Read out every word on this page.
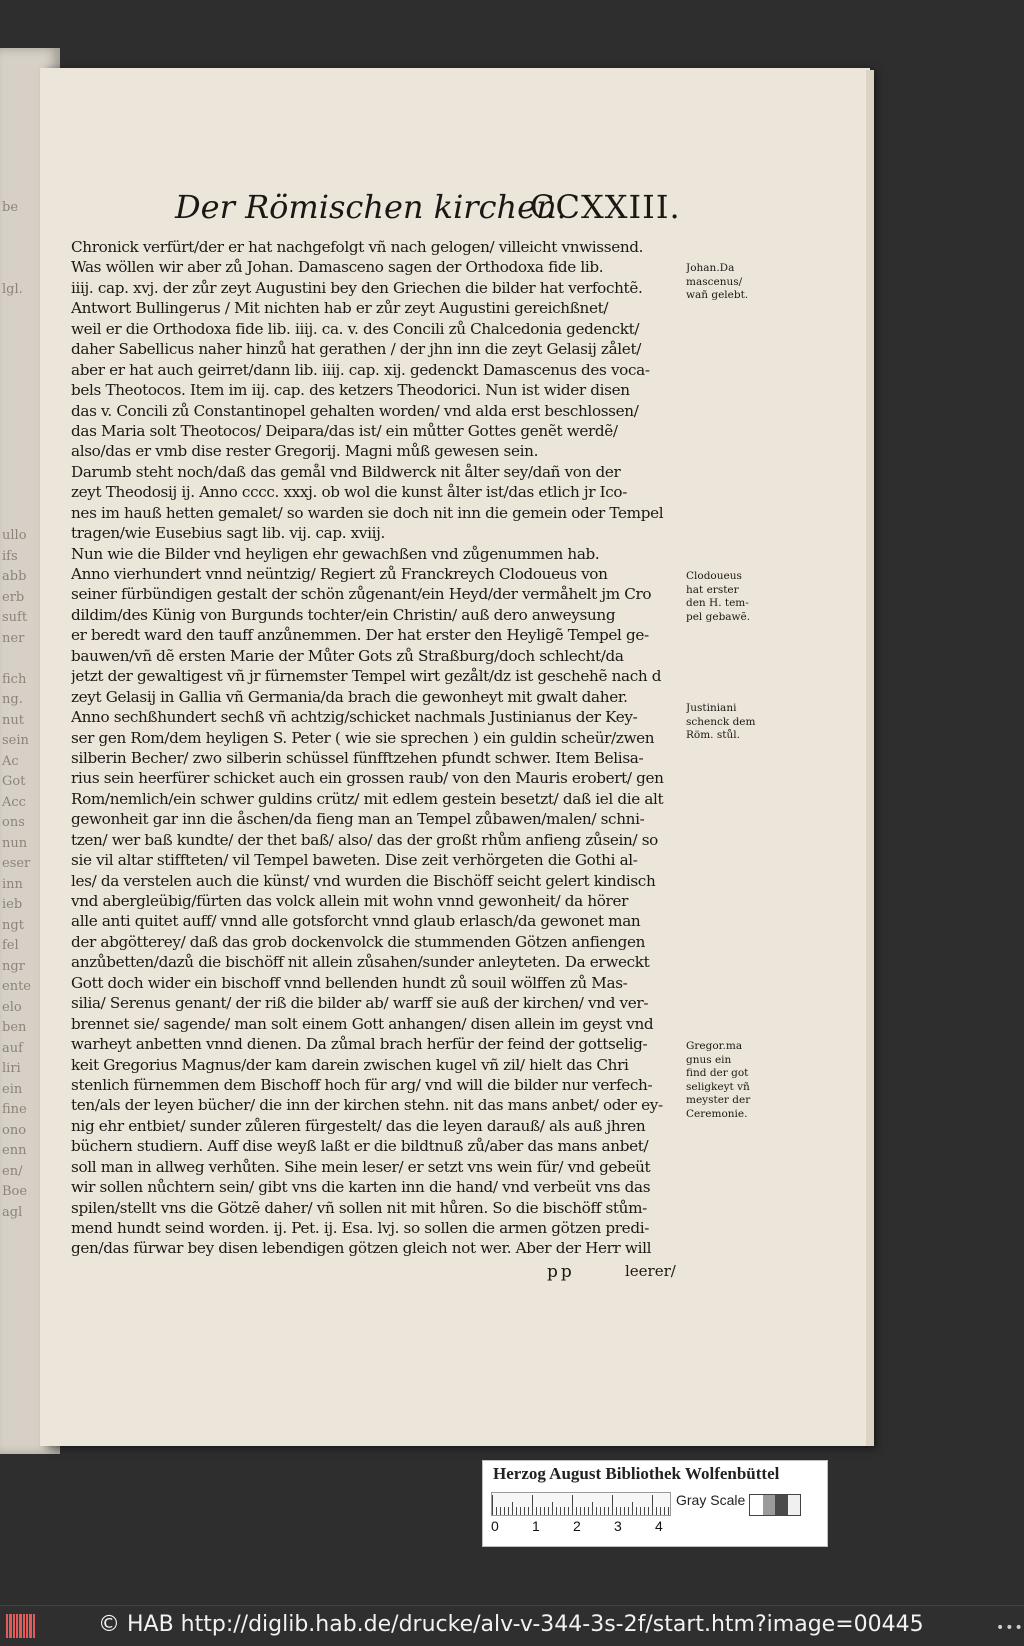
be
lgl.
ullo
ifs
abb
erb
suft
ner
fich
ng.
nut
sein
Ac
Got
Acc
ons
nun
eser
inn
ieb
ngt
fel
ngr
ente
elo
ben
auf
liri
ein
fine
ono
enn
en/
Boe
agl
Der Römischen kirchen.
CCXXIII.
Chronick verfürt/der er hat nachgefolgt vñ nach gelogen/ villeicht vnwissend.
Was wöllen wir aber zů Johan. Damasceno sagen der Orthodoxa fide lib.
iiij. cap. xvj. der zůr zeyt Augustini bey den Griechen die bilder hat verfochtẽ.
Antwort Bullingerus / Mit nichten hab er zůr zeyt Augustini gereichßnet/
weil er die Orthodoxa fide lib. iiij. ca. v. des Concili zů Chalcedonia gedenckt/
daher Sabellicus naher hinzů hat gerathen / der jhn inn die zeyt Gelasij zålet/
aber er hat auch geirret/dann lib. iiij. cap. xij. gedenckt Damascenus des voca-
bels Theotocos. Item im iij. cap. des ketzers Theodorici. Nun ist wider disen
das v. Concili zů Constantinopel gehalten worden/ vnd alda erst beschlossen/
das Maria solt Theotocos/ Deipara/das ist/ ein můtter Gottes genẽt werdẽ/
also/das er vmb dise rester Gregorij. Magni můß gewesen sein.
Darumb steht noch/daß das gemål vnd Bildwerck nit ålter sey/dañ von der
zeyt Theodosij ij. Anno cccc. xxxj. ob wol die kunst ålter ist/das etlich jr Ico-
nes im hauß hetten gemalet/ so warden sie doch nit inn die gemein oder Tempel
tragen/wie Eusebius sagt lib. vij. cap. xviij.
Nun wie die Bilder vnd heyligen ehr gewachßen vnd zůgenummen hab.
Anno vierhundert vnnd neüntzig/ Regiert zů Franckreych Clodoueus von
seiner fürbündigen gestalt der schön zůgenant/ein Heyd/der vermåhelt jm Cro
dildim/des Künig von Burgunds tochter/ein Christin/ auß dero anweysung
er beredt ward den tauff anzůnemmen. Der hat erster den Heyligẽ Tempel ge-
bauwen/vñ dẽ ersten Marie der Můter Gots zů Straßburg/doch schlecht/da
jetzt der gewaltigest vñ jr fürnemster Tempel wirt gezålt/dz ist geschehẽ nach d
zeyt Gelasij in Gallia vñ Germania/da brach die gewonheyt mit gwalt daher.
Anno sechßhundert sechß vñ achtzig/schicket nachmals Justinianus der Key-
ser gen Rom/dem heyligen S. Peter ( wie sie sprechen ) ein guldin scheür/zwen
silberin Becher/ zwo silberin schüssel fünfftzehen pfundt schwer. Item Belisa-
rius sein heerfürer schicket auch ein grossen raub/ von den Mauris erobert/ gen
Rom/nemlich/ein schwer guldins crütz/ mit edlem gestein besetzt/ daß iel die alt
gewonheit gar inn die åschen/da fieng man an Tempel zůbawen/malen/ schni-
tzen/ wer baß kundte/ der thet baß/ also/ das der großt rhům anfieng zůsein/ so
sie vil altar stiffteten/ vil Tempel baweten. Dise zeit verhörgeten die Gothi al-
les/ da verstelen auch die künst/ vnd wurden die Bischöff seicht gelert kindisch
vnd abergleübig/fürten das volck allein mit wohn vnnd gewonheit/ da hörer
alle anti quitet auff/ vnnd alle gotsforcht vnnd glaub erlasch/da gewonet man
der abgötterey/ daß das grob dockenvolck die stummenden Götzen anfiengen
anzůbetten/dazů die bischöff nit allein zůsahen/sunder anleyteten. Da erweckt
Gott doch wider ein bischoff vnnd bellenden hundt zů souil wölffen zů Mas-
silia/ Serenus genant/ der riß die bilder ab/ warff sie auß der kirchen/ vnd ver-
brennet sie/ sagende/ man solt einem Gott anhangen/ disen allein im geyst vnd
warheyt anbetten vnnd dienen. Da zůmal brach herfür der feind der gottselig-
keit Gregorius Magnus/der kam darein zwischen kugel vñ zil/ hielt das Chri
stenlich fürnemmen dem Bischoff hoch für arg/ vnd will die bilder nur verfech-
ten/als der leyen bücher/ die inn der kirchen stehn. nit das mans anbet/ oder ey-
nig ehr entbiet/ sunder zůleren fürgestelt/ das die leyen darauß/ als auß jhren
büchern studiern. Auff dise weyß laßt er die bildtnuß zů/aber das mans anbet/
soll man in allweg verhůten. Sihe mein leser/ er setzt vns wein für/ vnd gebeüt
wir sollen nůchtern sein/ gibt vns die karten inn die hand/ vnd verbeüt vns das
spilen/stellt vns die Götzẽ daher/ vñ sollen nit mit hůren. So die bischöff stům-
mend hundt seind worden. ij. Pet. ij. Esa. lvj. so sollen die armen götzen predi-
gen/das fürwar bey disen lebendigen götzen gleich not wer. Aber der Herr will
Johan.Da
mascenus/
wañ gelebt.
Clodoueus
hat erster
den H. tem-
pel gebawẽ.
Justiniani
schenck dem
Röm. stůl.
Gregor.ma
gnus ein
find der got
seligkeyt vñ
meyster der
Ceremonie.
pp	leerer/
Herzog August Bibliothek Wolfenbüttel
0 1 2 3 4
Gray Scale
© HAB http://diglib.hab.de/drucke/alv-v-344-3s-2f/start.htm?image=00445	•••
